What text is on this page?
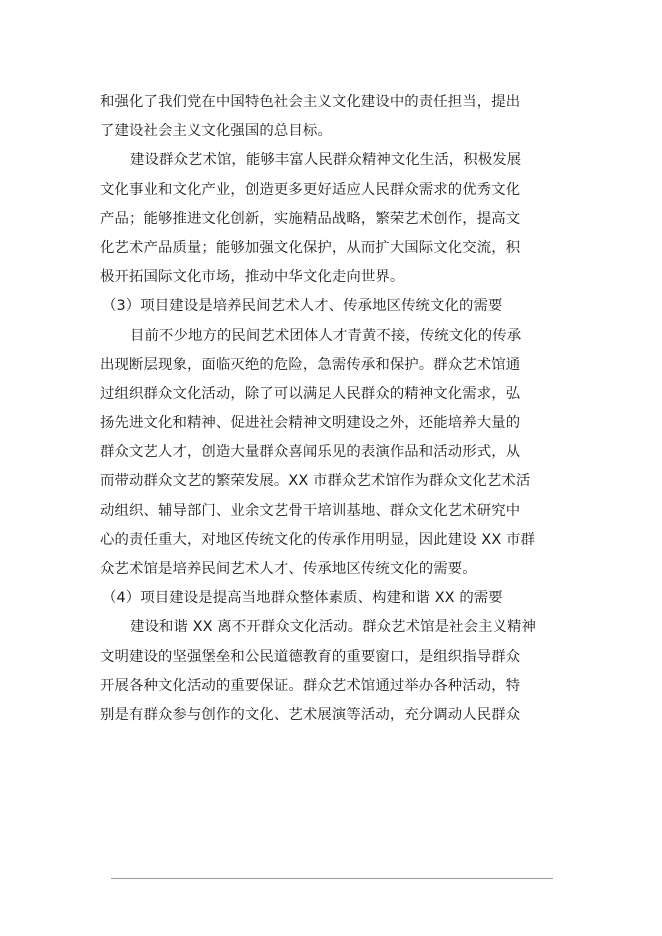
和强化了我们党在中国特色社会主义文化建设中的责任担当，提出
了建设社会主义文化强国的总目标。
建设群众艺术馆，能够丰富人民群众精神文化生活，积极发展
文化事业和文化产业，创造更多更好适应人民群众需求的优秀文化
产品；能够推进文化创新，实施精品战略，繁荣艺术创作，提高文
化艺术产品质量；能够加强文化保护，从而扩大国际文化交流，积
极开拓国际文化市场，推动中华文化走向世界。
（3）项目建设是培养民间艺术人才、传承地区传统文化的需要
目前不少地方的民间艺术团体人才青黄不接，传统文化的传承
出现断层现象，面临灭绝的危险，急需传承和保护。群众艺术馆通
过组织群众文化活动，除了可以满足人民群众的精神文化需求，弘
扬先进文化和精神、促进社会精神文明建设之外，还能培养大量的
群众文艺人才，创造大量群众喜闻乐见的表演作品和活动形式，从
而带动群众文艺的繁荣发展。XX 市群众艺术馆作为群众文化艺术活
动组织、辅导部门、业余文艺骨干培训基地、群众文化艺术研究中
心的责任重大，对地区传统文化的传承作用明显，因此建设 XX 市群
众艺术馆是培养民间艺术人才、传承地区传统文化的需要。
（4）项目建设是提高当地群众整体素质、构建和谐 XX 的需要
建设和谐 XX 离不开群众文化活动。群众艺术馆是社会主义精神
文明建设的坚强堡垒和公民道德教育的重要窗口，是组织指导群众
开展各种文化活动的重要保证。群众艺术馆通过举办各种活动，特
别是有群众参与创作的文化、艺术展演等活动，充分调动人民群众
